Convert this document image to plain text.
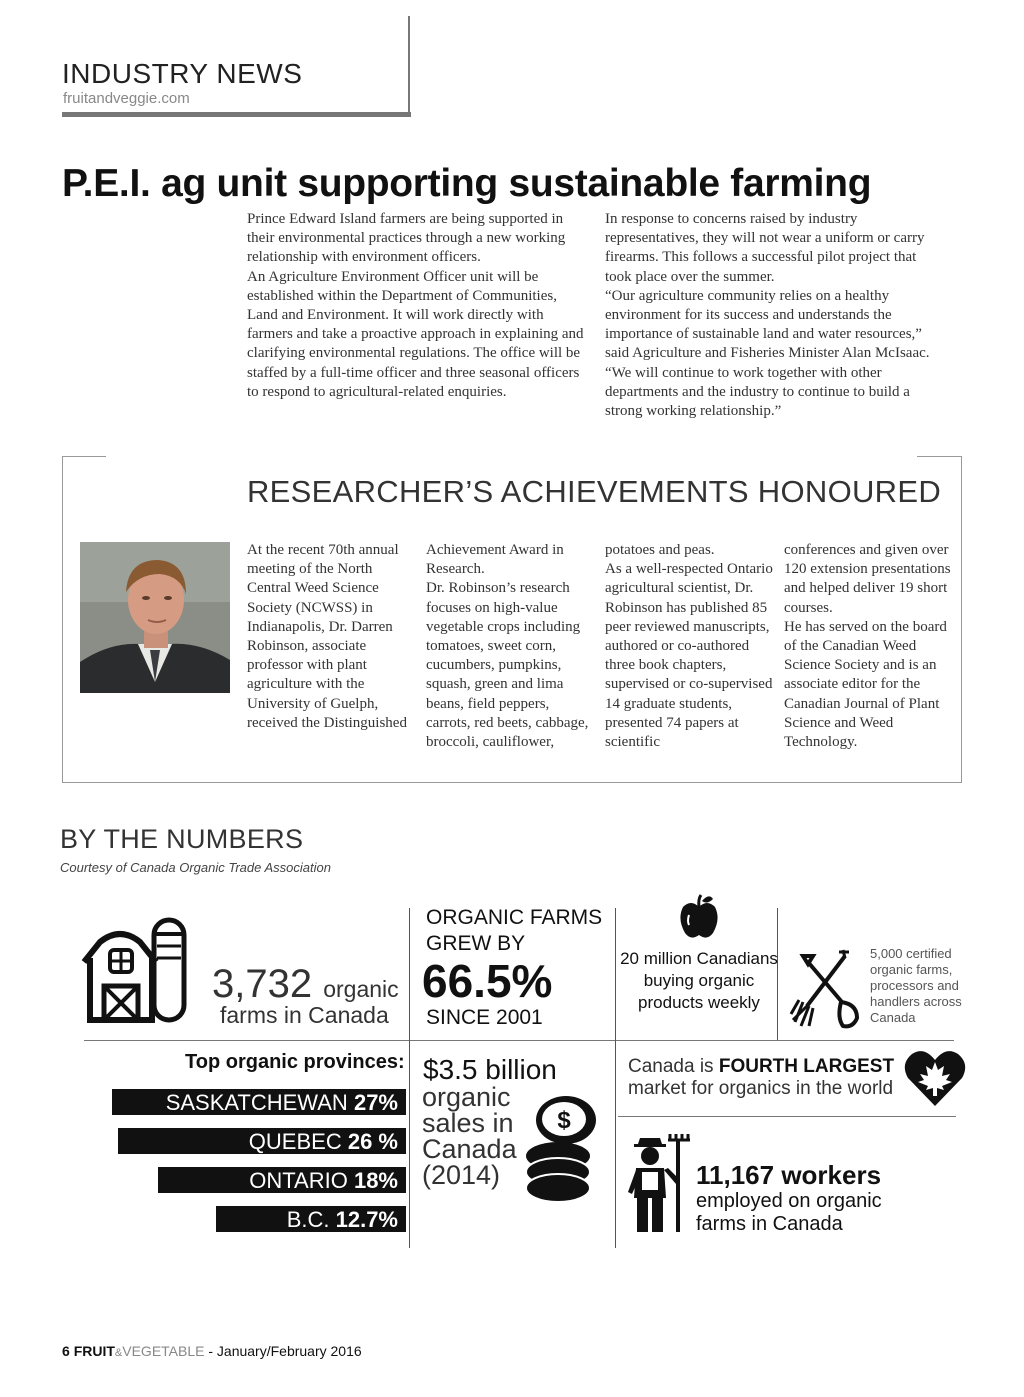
INDUSTRY NEWS
fruitandveggie.com
P.E.I. ag unit supporting sustainable farming
Prince Edward Island farmers are being supported in their environmental practices through a new working relationship with environment officers.
An Agriculture Environment Officer unit will be established within the Department of Communities, Land and Environment. It will work directly with farmers and take a proactive approach in explaining and clarifying environmental regulations. The office will be staffed by a full-time officer and three seasonal officers to respond to agricultural-related enquiries.
In response to concerns raised by industry representatives, they will not wear a uniform or carry firearms. This follows a successful pilot project that took place over the summer.
“Our agriculture community relies on a healthy environment for its success and understands the importance of sustainable land and water resources,” said Agriculture and Fisheries Minister Alan McIsaac. “We will continue to work together with other departments and the industry to continue to build a strong working relationship.”
RESEARCHER’S ACHIEVEMENTS HONOURED
At the recent 70th annual meeting of the North Central Weed Science Society (NCWSS) in Indianapolis, Dr. Darren Robinson, associate professor with plant agriculture with the University of Guelph, received the Distinguished
Achievement Award in Research.
Dr. Robinson’s research focuses on high-value vegetable crops including tomatoes, sweet corn, cucumbers, pumpkins, squash, green and lima beans, field peppers, carrots, red beets, cabbage, broccoli, cauliflower,
potatoes and peas.
As a well-respected Ontario agricultural scientist, Dr. Robinson has published 85 peer reviewed manuscripts, authored or co-authored three book chapters, supervised or co-supervised 14 graduate students, presented 74 papers at scientific
conferences and given over 120 extension presentations and helped deliver 19 short courses.
He has served on the board of the Canadian Weed Science Society and is an associate editor for the Canadian Journal of Plant Science and Weed Technology.
BY THE NUMBERS
Courtesy of Canada Organic Trade Association
3,732 organic
farms in Canada
ORGANIC FARMS
GREW BY
66.5%
SINCE 2001
20 million Canadians buying organic products weekly
5,000 certified organic farms, processors and handlers across Canada
Top organic provinces:
SASKATCHEWAN 27%
QUEBEC 26 %
ONTARIO 18%
B.C. 12.7%
$3.5 billion
organic sales in Canada (2014)
$
Canada is FOURTH LARGEST
market for organics in the world
11,167 workers
employed on organic farms in Canada
6 FRUIT&VEGETABLE - January/February 2016
